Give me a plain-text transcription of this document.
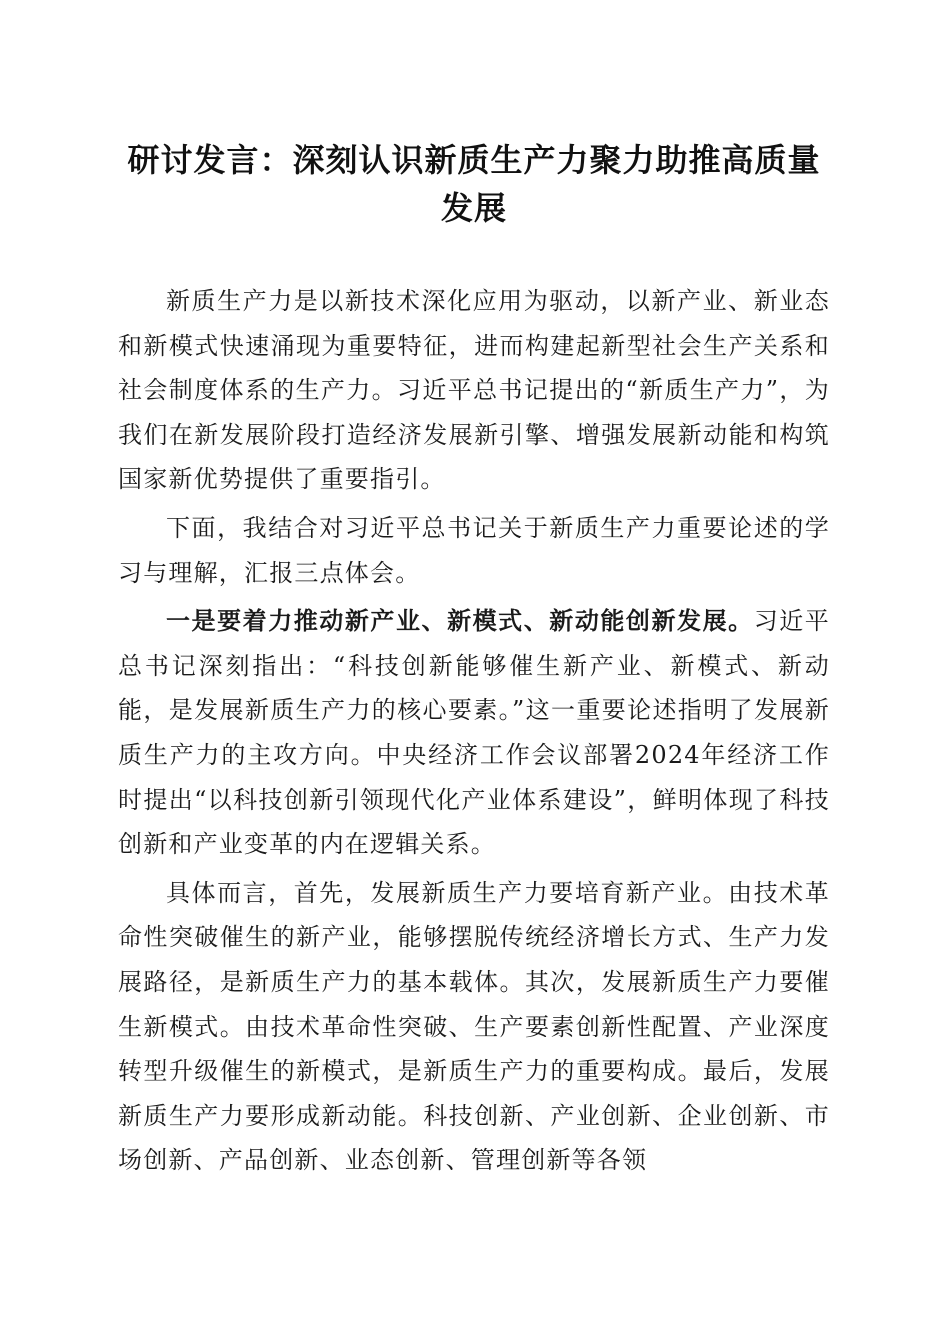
研讨发言：深刻认识新质生产力聚力助推高质量发展

新质生产力是以新技术深化应用为驱动，以新产业、新业态和新模式快速涌现为重要特征，进而构建起新型社会生产关系和社会制度体系的生产力。习近平总书记提出的“新质生产力”，为我们在新发展阶段打造经济发展新引擎、增强发展新动能和构筑国家新优势提供了重要指引。

下面，我结合对习近平总书记关于新质生产力重要论述的学习与理解，汇报三点体会。

一是要着力推动新产业、新模式、新动能创新发展。习近平总书记深刻指出：“科技创新能够催生新产业、新模式、新动能，是发展新质生产力的核心要素。”这一重要论述指明了发展新质生产力的主攻方向。中央经济工作会议部署2024年经济工作时提出“以科技创新引领现代化产业体系建设”，鲜明体现了科技创新和产业变革的内在逻辑关系。

具体而言，首先，发展新质生产力要培育新产业。由技术革命性突破催生的新产业，能够摆脱传统经济增长方式、生产力发展路径，是新质生产力的基本载体。其次，发展新质生产力要催生新模式。由技术革命性突破、生产要素创新性配置、产业深度转型升级催生的新模式，是新质生产力的重要构成。最后，发展新质生产力要形成新动能。科技创新、产业创新、企业创新、市场创新、产品创新、业态创新、管理创新等各领
